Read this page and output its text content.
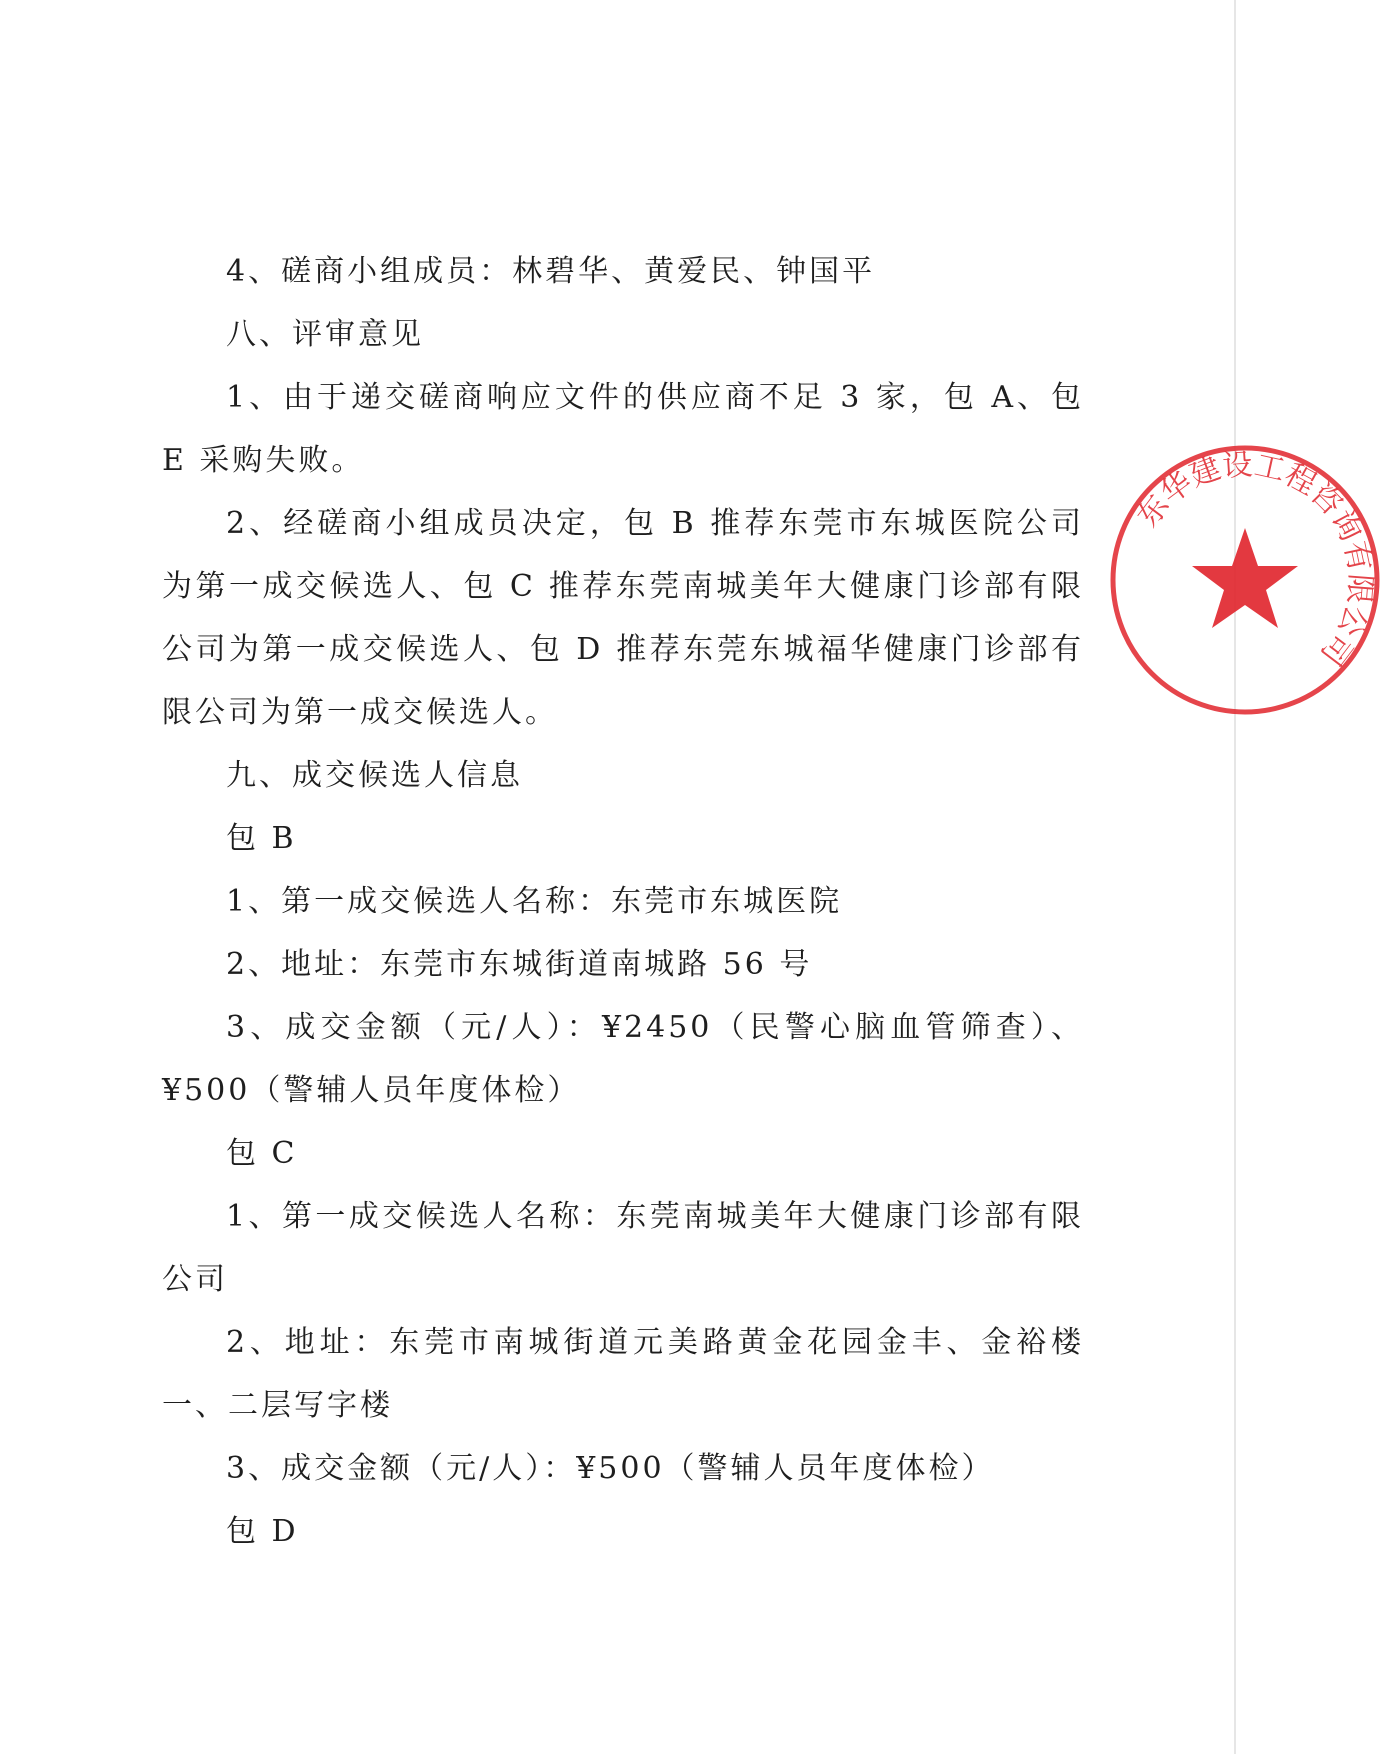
4、磋商小组成员：林碧华、黄爱民、钟国平

八、评审意见

1、由于递交磋商响应文件的供应商不足 3 家，包 A、包 E 采购失败。

2、经磋商小组成员决定，包 B 推荐东莞市东城医院公司为第一成交候选人、包 C 推荐东莞南城美年大健康门诊部有限公司为第一成交候选人、包 D 推荐东莞东城福华健康门诊部有限公司为第一成交候选人。

九、成交候选人信息

包 B

1、第一成交候选人名称：东莞市东城医院

2、地址：东莞市东城街道南城路 56 号

3、成交金额（元/人）：¥2450（民警心脑血管筛查）、¥500（警辅人员年度体检）

包 C

1、第一成交候选人名称：东莞南城美年大健康门诊部有限公司

2、地址：东莞市南城街道元美路黄金花园金丰、金裕楼一、二层写字楼

3、成交金额（元/人）：¥500（警辅人员年度体检）

包 D

东华建设工程咨询有限公司
